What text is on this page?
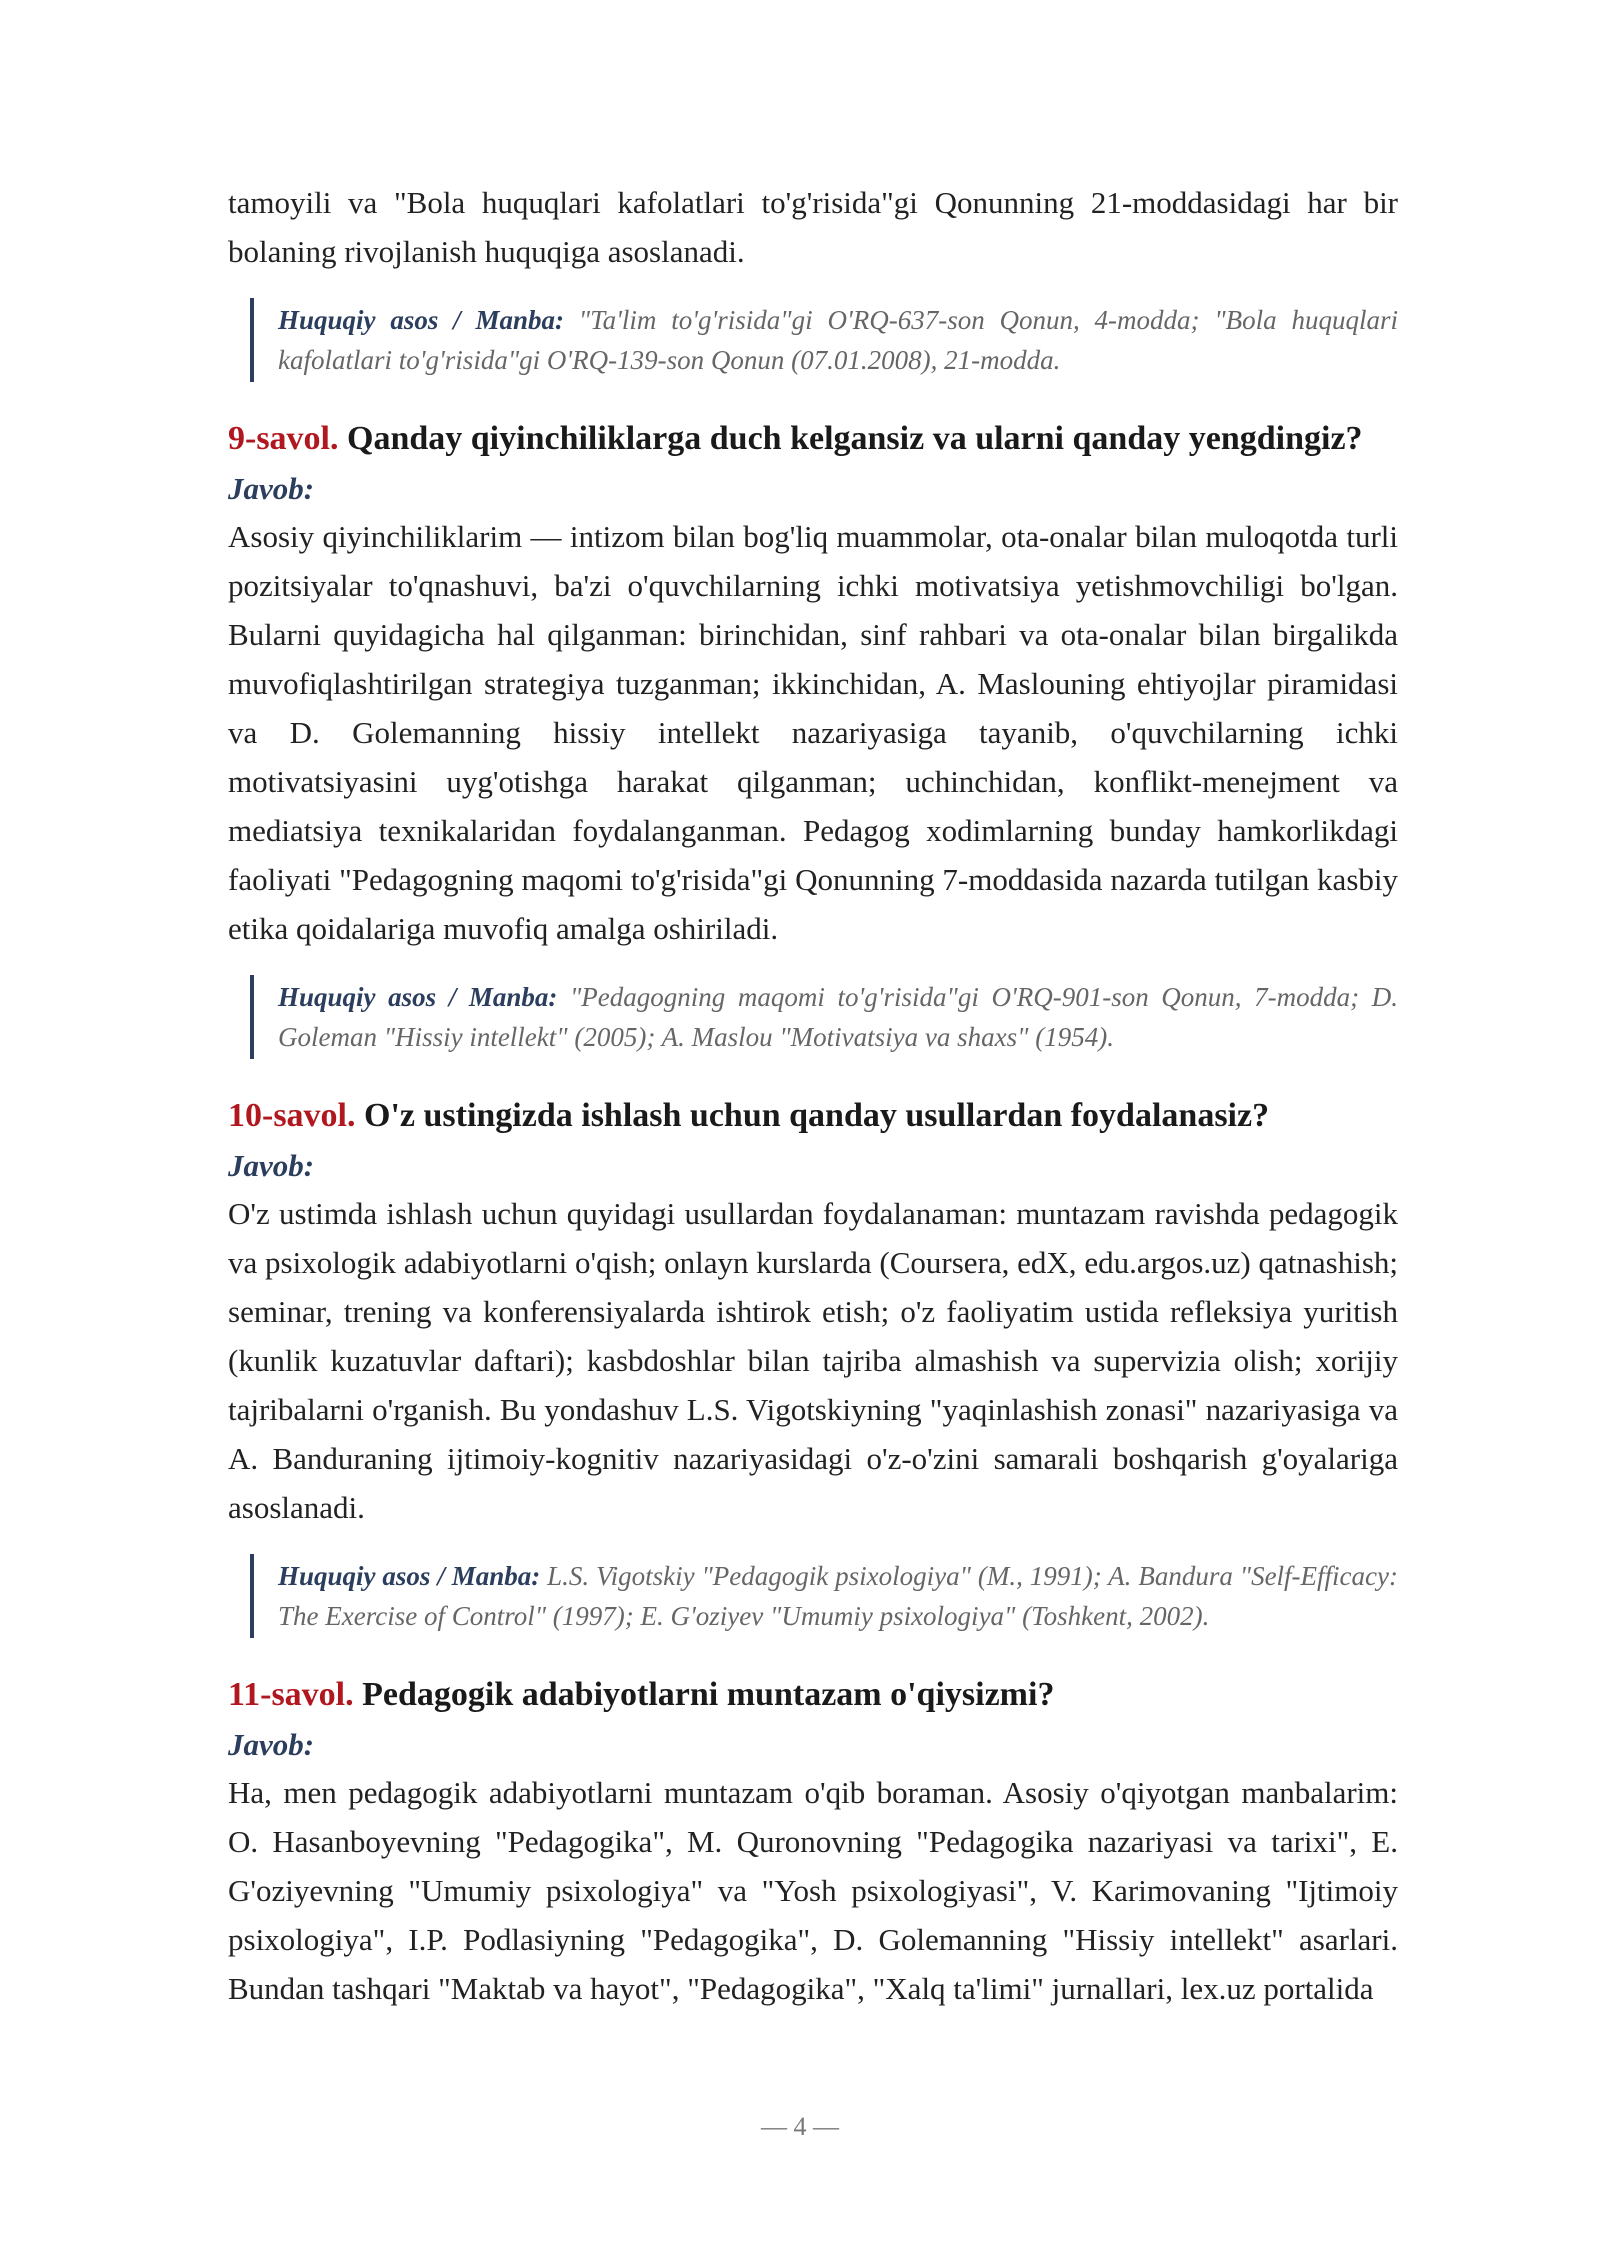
tamoyili va "Bola huquqlari kafolatlari to'g'risida"gi Qonunning 21-moddasidagi har bir bolaning rivojlanish huquqiga asoslanadi.

Huquqiy asos / Manba: "Ta'lim to'g'risida"gi O'RQ-637-son Qonun, 4-modda; "Bola huquqlari kafolatlari to'g'risida"gi O'RQ-139-son Qonun (07.01.2008), 21-modda.

9-savol. Qanday qiyinchiliklarga duch kelgansiz va ularni qanday yengdingiz?

Javob:

Asosiy qiyinchiliklarim — intizom bilan bog'liq muammolar, ota-onalar bilan muloqotda turli pozitsiyalar to'qnashuvi, ba'zi o'quvchilarning ichki motivatsiya yetishmovchiligi bo'lgan. Bularni quyidagicha hal qilganman: birinchidan, sinf rahbari va ota-onalar bilan birgalikda muvofiqlashtirilgan strategiya tuzganman; ikkinchidan, A. Maslouning ehtiyojlar piramidasi va D. Golemanning hissiy intellekt nazariyasiga tayanib, o'quvchilarning ichki motivatsiyasini uyg'otishga harakat qilganman; uchinchidan, konflikt-menejment va mediatsiya texnikalaridan foydalanganman. Pedagog xodimlarning bunday hamkorlikdagi faoliyati "Pedagogning maqomi to'g'risida"gi Qonunning 7-moddasida nazarda tutilgan kasbiy etika qoidalariga muvofiq amalga oshiriladi.

Huquqiy asos / Manba: "Pedagogning maqomi to'g'risida"gi O'RQ-901-son Qonun, 7-modda; D. Goleman "Hissiy intellekt" (2005); A. Maslou "Motivatsiya va shaxs" (1954).

10-savol. O'z ustingizda ishlash uchun qanday usullardan foydalanasiz?

Javob:

O'z ustimda ishlash uchun quyidagi usullardan foydalanaman: muntazam ravishda pedagogik va psixologik adabiyotlarni o'qish; onlayn kurslarda (Coursera, edX, edu.argos.uz) qatnashish; seminar, trening va konferensiyalarda ishtirok etish; o'z faoliyatim ustida refleksiya yuritish (kunlik kuzatuvlar daftari); kasbdoshlar bilan tajriba almashish va supervizia olish; xorijiy tajribalarni o'rganish. Bu yondashuv L.S. Vigotskiyning "yaqinlashish zonasi" nazariyasiga va A. Banduraning ijtimoiy-kognitiv nazariyasidagi o'z-o'zini samarali boshqarish g'oyalariga asoslanadi.

Huquqiy asos / Manba: L.S. Vigotskiy "Pedagogik psixologiya" (M., 1991); A. Bandura "Self-Efficacy: The Exercise of Control" (1997); E. G'oziyev "Umumiy psixologiya" (Toshkent, 2002).

11-savol. Pedagogik adabiyotlarni muntazam o'qiysizmi?

Javob:

Ha, men pedagogik adabiyotlarni muntazam o'qib boraman. Asosiy o'qiyotgan manbalarim: O. Hasanboyevning "Pedagogika", M. Quronovning "Pedagogika nazariyasi va tarixi", E. G'oziyevning "Umumiy psixologiya" va "Yosh psixologiyasi", V. Karimovaning "Ijtimoiy psixologiya", I.P. Podlasiyning "Pedagogika", D. Golemanning "Hissiy intellekt" asarlari. Bundan tashqari "Maktab va hayot", "Pedagogika", "Xalq ta'limi" jurnallari, lex.uz portalida

— 4 —
